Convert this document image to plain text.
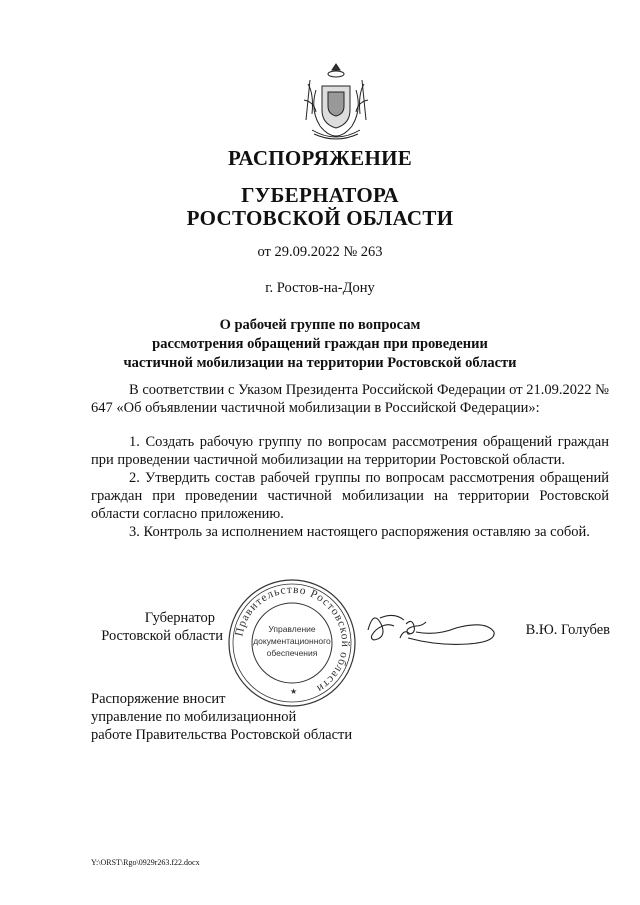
РАСПОРЯЖЕНИЕ
ГУБЕРНАТОРА
РОСТОВСКОЙ ОБЛАСТИ
от 29.09.2022 № 263
г. Ростов-на-Дону
О рабочей группе по вопросам
рассмотрения обращений граждан при проведении
частичной мобилизации на территории Ростовской области

В соответствии с Указом Президента Российской Федерации от 21.09.2022 № 647 «Об объявлении частичной мобилизации в Российской Федерации»:

1. Создать рабочую группу по вопросам рассмотрения обращений граждан при проведении частичной мобилизации на территории Ростовской области.

2. Утвердить состав рабочей группы по вопросам рассмотрения обращений граждан при проведении частичной мобилизации на территории Ростовской области согласно приложению.

3. Контроль за исполнением настоящего распоряжения оставляю за собой.

Губернатор
Ростовской области Правительство Ростовской области
Управление
документационного
обеспечения
★
В.Ю. Голубев
Распоряжение вносит
управление по мобилизационной
работе Правительства Ростовской области
Y:\ORST\Rgo\0929r263.f22.docx
